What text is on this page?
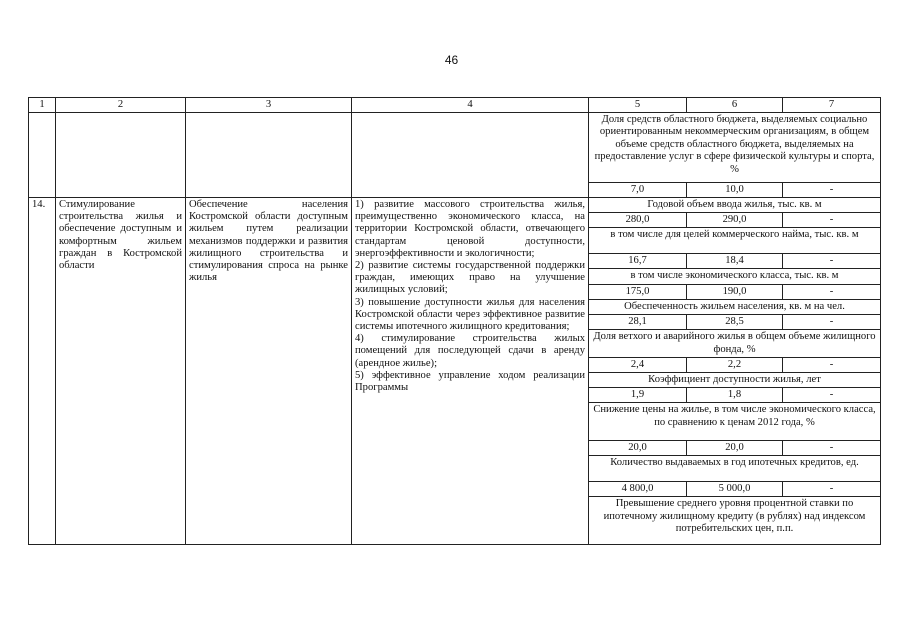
46
1	2	3	4	5	6	7
				Доля средств областного бюджета, выделяемых социально ориентированным некоммерческим организациям, в общем объеме средств областного бюджета, выделяемых на предоставление услуг в сфере физической культуры и спорта, %		
				7,0	10,0	-
14.	Стимулирование строительства жилья и обеспечение доступным и комфортным жильем граждан в Костромской области	Обеспечение населения Костромской области доступным жильем путем реализации механизмов поддержки и развития жилищного строительства и стимулирования спроса на рынке жилья	1) развитие массового строительства жилья, преимущественно экономического класса, на территории Костромской области, отвечающего стандартам ценовой доступности, энергоэффективности и экологичности;
2) развитие системы государственной поддержки граждан, имеющих право на улучшение жилищных условий;
3) повышение доступности жилья для населения Костромской области через эффективное развитие системы ипотечного жилищного кредитования;
4) стимулирование строительства жилых помещений для последующей сдачи в аренду (арендное жилье);
5) эффективное управление ходом реализации Программы	Годовой объем ввода жилья, тыс. кв. м		
				280,0	290,0	-
				в том числе для целей коммерческого найма, тыс. кв. м		
				16,7	18,4	-
				в том числе экономического класса, тыс. кв. м		
				175,0	190,0	-
				Обеспеченность жильем населения, кв. м на чел.		
				28,1	28,5	-
				Доля ветхого и аварийного жилья в общем объеме жилищного фонда, %		
				2,4	2,2	-
				Коэффициент доступности жилья, лет		
				1,9	1,8	-
				Снижение цены на жилье, в том числе экономического класса, по сравнению к ценам 2012 года, %		
				20,0	20,0	-
				Количество выдаваемых в год ипотечных кредитов, ед.		
				4 800,0	5 000,0	-
				Превышение среднего уровня процентной ставки по ипотечному жилищному кредиту (в рублях) над индексом потребительских цен, п.п.		
